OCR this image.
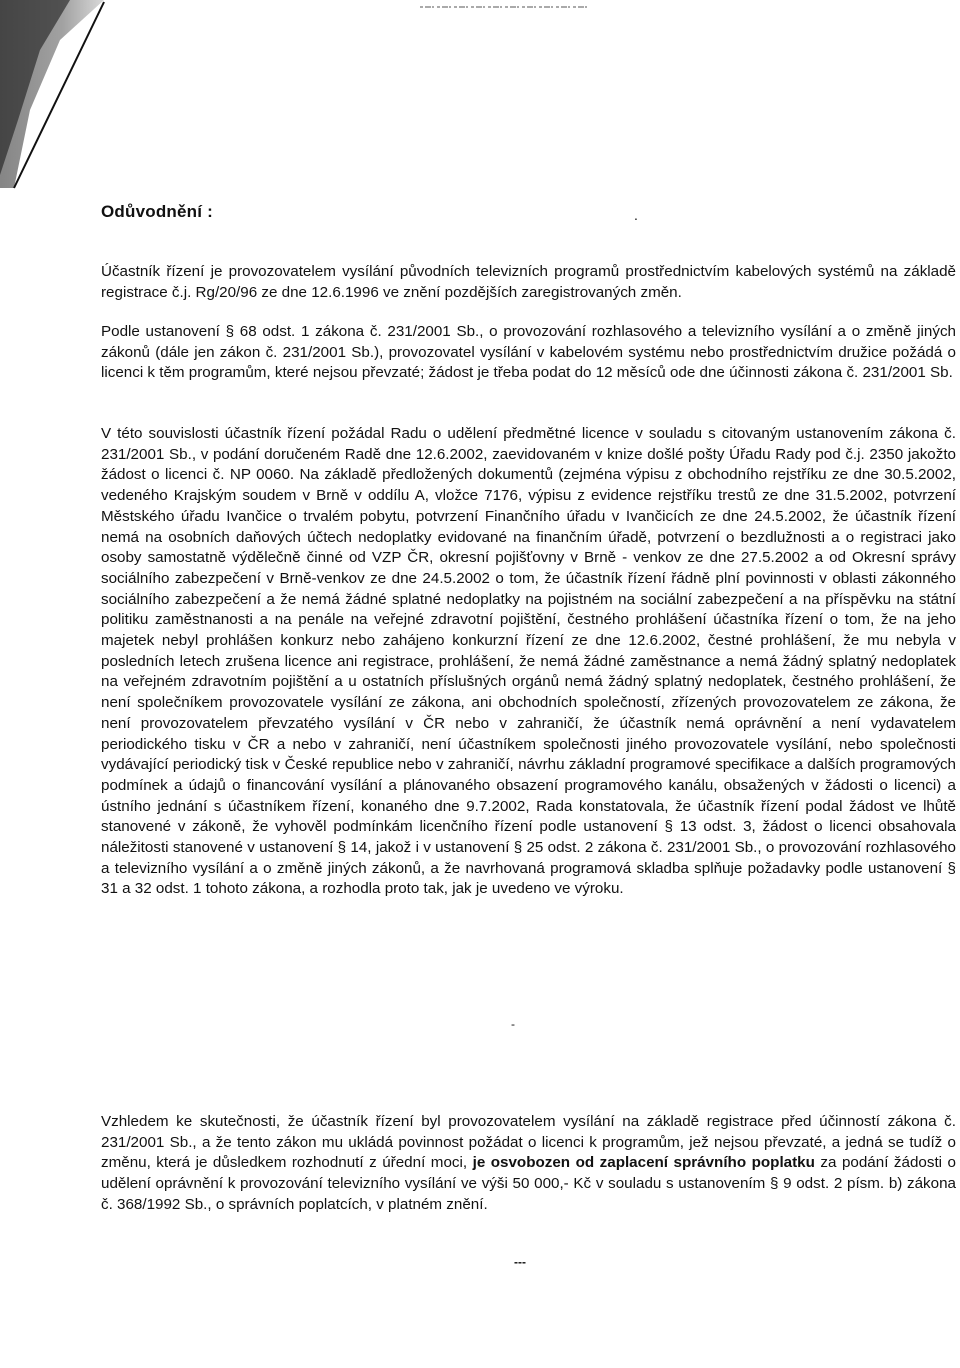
Odůvodnění :	.

Účastník řízení je provozovatelem vysílání původních televizních programů prostřednictvím kabelových systémů na základě registrace č.j. Rg/20/96 ze dne 12.6.1996 ve znění pozdějších zaregistrovaných změn.

Podle ustanovení § 68 odst. 1 zákona č. 231/2001 Sb., o provozování rozhlasového a televizního vysílání a o změně jiných zákonů (dále jen zákon č. 231/2001 Sb.), provozovatel vysílání v kabelovém systému nebo prostřednictvím družice požádá o licenci k těm programům, které nejsou převzaté; žádost je třeba podat do 12 měsíců ode dne účinnosti zákona č. 231/2001 Sb.

V této souvislosti účastník řízení požádal Radu o udělení předmětné licence v souladu s citovaným ustanovením zákona č. 231/2001 Sb., v podání doručeném Radě dne 12.6.2002, zaevidovaném v knize došlé pošty Úřadu Rady pod č.j. 2350 jakožto žádost o licenci č. NP 0060. Na základě předložených dokumentů (zejména výpisu z obchodního rejstříku ze dne 30.5.2002, vedeného Krajským soudem v Brně v oddílu A, vložce 7176, výpisu z evidence rejstříku trestů ze dne 31.5.2002, potvrzení Městského úřadu Ivančice o trvalém pobytu, potvrzení Finančního úřadu v Ivančicích ze dne 24.5.2002, že účastník řízení nemá na osobních daňových účtech nedoplatky evidované na finančním úřadě, potvrzení o bezdlužnosti a o registraci jako osoby samostatně výdělečně činné od VZP ČR, okresní pojišťovny v Brně - venkov ze dne 27.5.2002 a od Okresní správy sociálního zabezpečení v Brně-venkov ze dne 24.5.2002 o tom, že účastník řízení řádně plní povinnosti v oblasti zákonného sociálního zabezpečení a že nemá žádné splatné nedoplatky na pojistném na sociální zabezpečení a na příspěvku na státní politiku zaměstnanosti a na penále na veřejné zdravotní pojištění, čestného prohlášení účastníka řízení o tom, že na jeho majetek nebyl prohlášen konkurz nebo zahájeno konkurzní řízení ze dne 12.6.2002, čestné prohlášení, že mu nebyla v posledních letech zrušena licence ani registrace, prohlášení, že nemá žádné zaměstnance a nemá žádný splatný nedoplatek na veřejném zdravotním pojištění a u ostatních příslušných orgánů nemá žádný splatný nedoplatek, čestného prohlášení, že není společníkem provozovatele vysílání ze zákona, ani obchodních společností, zřízených provozovatelem ze zákona, že není provozovatelem převzatého vysílání v ČR nebo v zahraničí, že účastník nemá oprávnění a není vydavatelem periodického tisku v ČR a nebo v zahraničí, není účastníkem společnosti jiného provozovatele vysílání, nebo společnosti vydávající periodický tisk v České republice nebo v zahraničí, návrhu základní programové specifikace a dalších programových podmínek a údajů o financování vysílání a plánovaného obsazení programového kanálu, obsažených v žádosti o licenci) a ústního jednání s účastníkem řízení, konaného dne 9.7.2002, Rada konstatovala, že účastník řízení podal žádost ve lhůtě stanovené v zákoně, že vyhověl podmínkám licenčního řízení podle ustanovení § 13 odst. 3, žádost o licenci obsahovala náležitosti stanovené v ustanovení § 14, jakož i v ustanovení § 25 odst. 2 zákona č. 231/2001 Sb., o provozování rozhlasového a televizního vysílání a o změně jiných zákonů, a že navrhovaná programová skladba splňuje požadavky podle ustanovení § 31 a 32 odst. 1 tohoto zákona, a rozhodla proto tak, jak je uvedeno ve výroku.

-

Vzhledem ke skutečnosti, že účastník řízení byl provozovatelem vysílání na základě registrace před účinností zákona č. 231/2001 Sb., a že tento zákon mu ukládá povinnost požádat o licenci k programům, jež nejsou převzaté, a jedná se tudíž o změnu, která je důsledkem rozhodnutí z úřední moci, je osvobozen od zaplacení správního poplatku za podání žádosti o udělení oprávnění k provozování televizního vysílání ve výši 50 000,- Kč v souladu s ustanovením § 9 odst. 2 písm. b) zákona č. 368/1992 Sb., o správních poplatcích, v platném znění.

---
